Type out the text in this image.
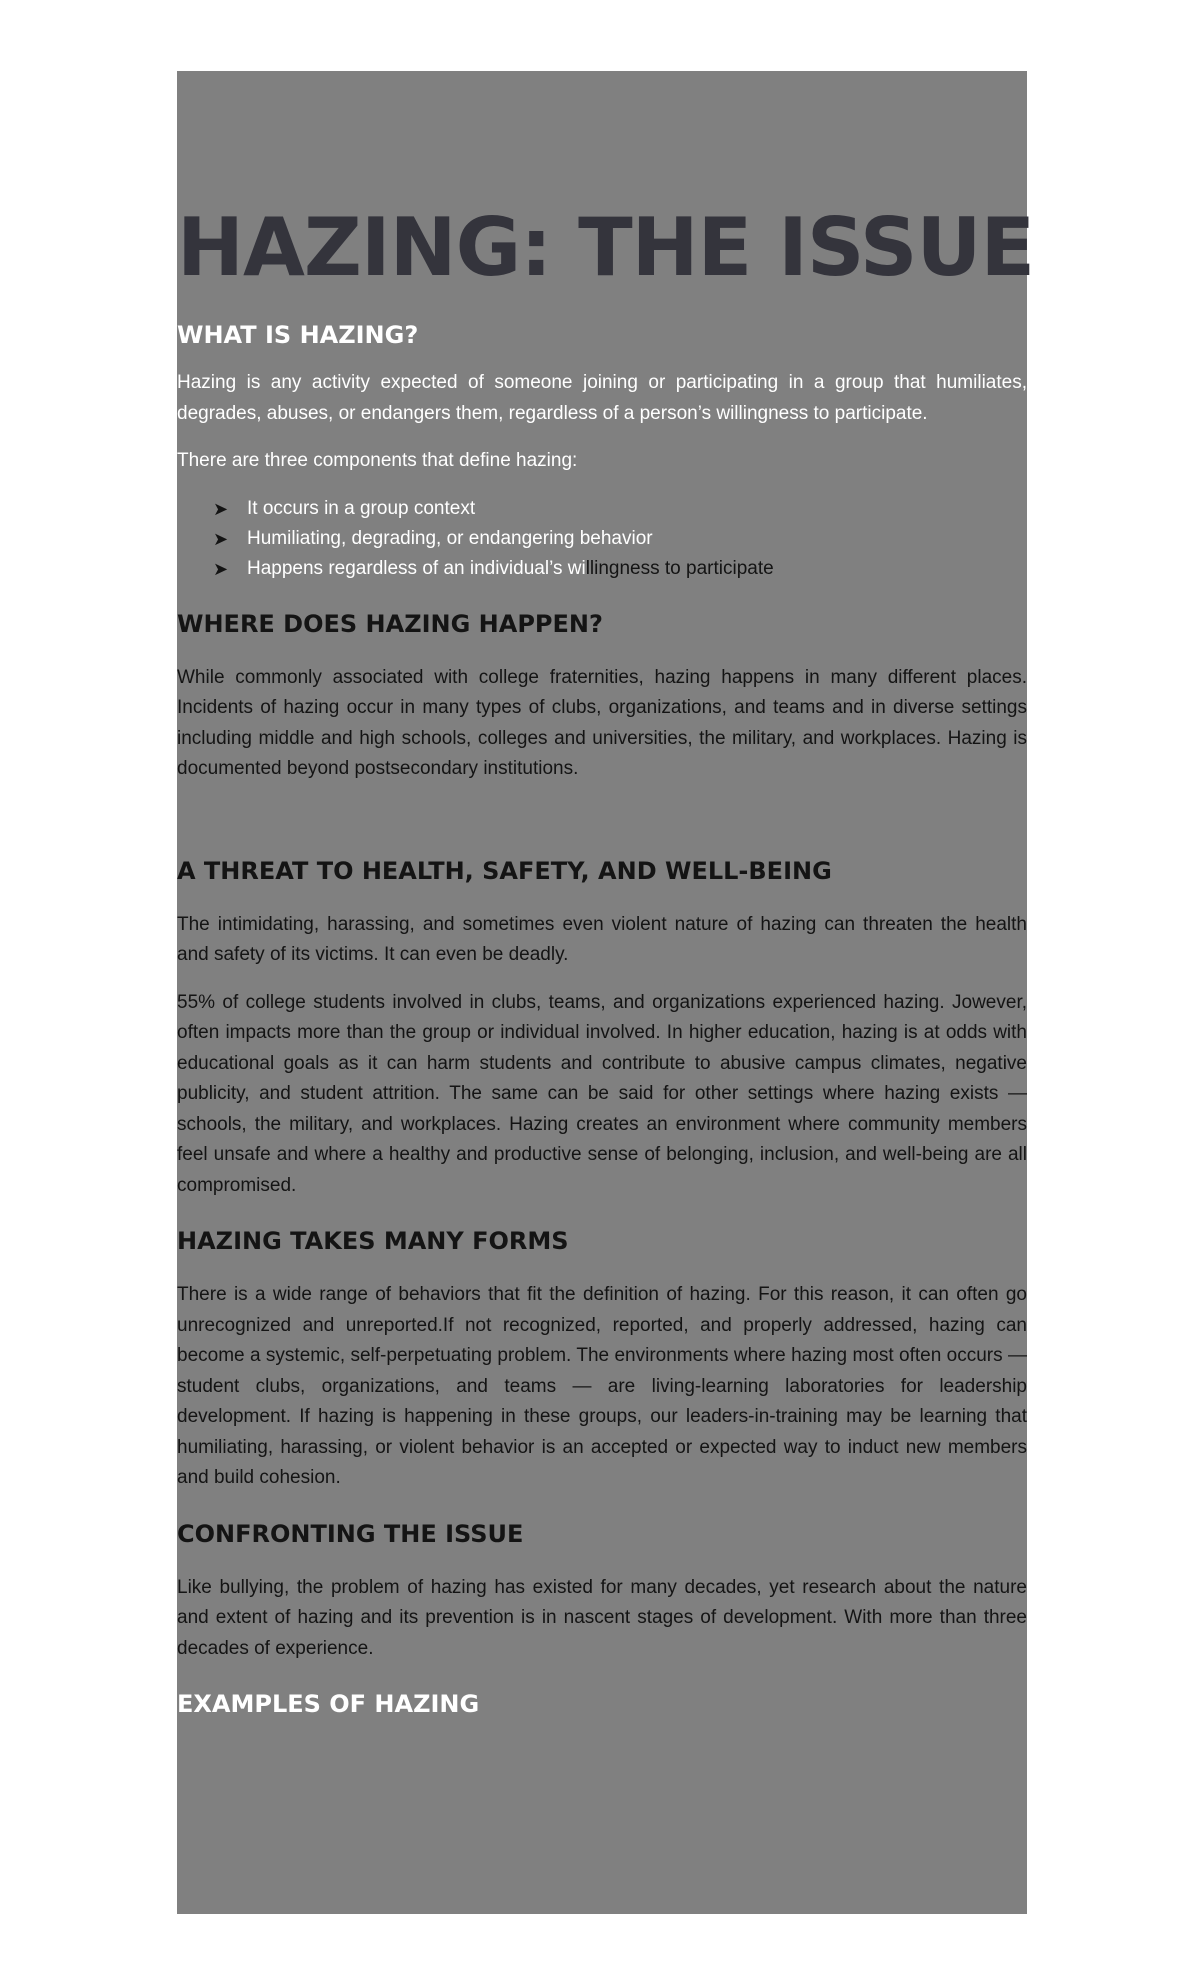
HAZING: THE ISSUE
WHAT IS HAZING?

Hazing is any activity expected of someone joining or participating in a group that humiliates, degrades, abuses, or endangers them, regardless of a person’s willingness to participate.

There are three components that define hazing:

➤ It occurs in a group context
➤ Humiliating, degrading, or endangering behavior
➤ Happens regardless of an individual’s willingness to participate
WHERE DOES HAZING HAPPEN?

While commonly associated with college fraternities, hazing happens in many different places. Incidents of hazing occur in many types of clubs, organizations, and teams and in diverse settings including middle and high schools, colleges and universities, the military, and workplaces. Hazing is documented beyond postsecondary institutions.

A THREAT TO HEALTH, SAFETY, AND WELL-BEING

The intimidating, harassing, and sometimes even violent nature of hazing can threaten the health and safety of its victims. It can even be deadly.

55% of college students involved in clubs, teams, and organizations experienced hazing. Jowever, often impacts more than the group or individual involved. In higher education, hazing is at odds with educational goals as it can harm students and contribute to abusive campus climates, negative publicity, and student attrition. The same can be said for other settings where hazing exists — schools, the military, and workplaces. Hazing creates an environment where community members feel unsafe and where a healthy and productive sense of belonging, inclusion, and well-being are all compromised.

HAZING TAKES MANY FORMS

There is a wide range of behaviors that fit the definition of hazing. For this reason, it can often go unrecognized and unreported.If not recognized, reported, and properly addressed, hazing can become a systemic, self-perpetuating problem. The environments where hazing most often occurs — student clubs, organizations, and teams — are living-learning laboratories for leadership development. If hazing is happening in these groups, our leaders-in-training may be learning that humiliating, harassing, or violent behavior is an accepted or expected way to induct new members and build cohesion.

CONFRONTING THE ISSUE

Like bullying, the problem of hazing has existed for many decades, yet research about the nature and extent of hazing and its prevention is in nascent stages of development. With more than three decades of experience.

EXAMPLES OF HAZING
